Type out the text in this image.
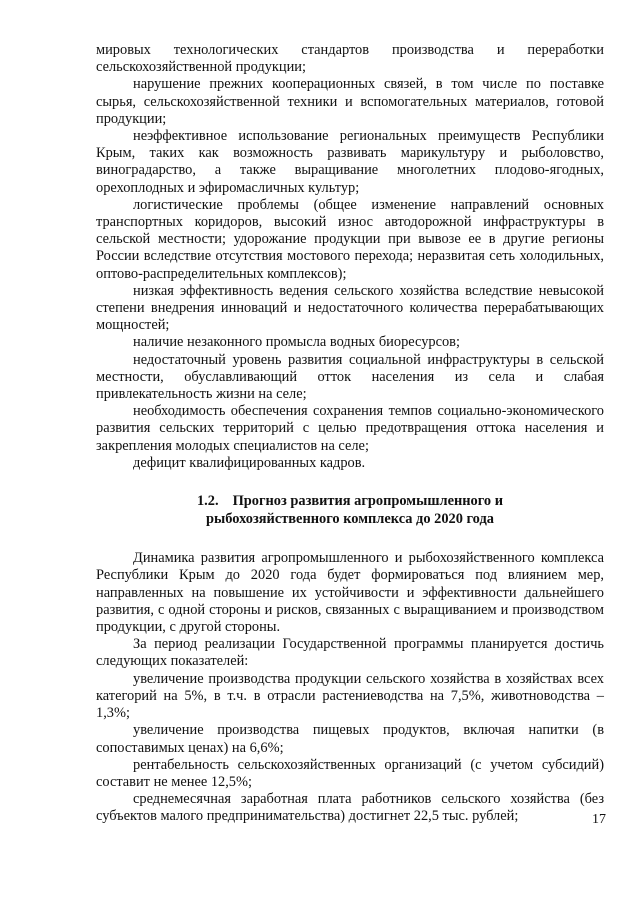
мировых технологических стандартов производства и переработки сельскохозяйственной продукции;

нарушение прежних кооперационных связей, в том числе по поставке сырья, сельскохозяйственной техники и вспомогательных материалов, готовой продукции;

неэффективное использование региональных преимуществ Республики Крым, таких как возможность развивать марикультуру и рыболовство, виноградарство, а также выращивание многолетних плодово-ягодных, орехоплодных и эфиромасличных культур;

логистические проблемы (общее изменение направлений основных транспортных коридоров, высокий износ автодорожной инфраструктуры в сельской местности; удорожание продукции при вывозе ее в другие регионы России вследствие отсутствия мостового перехода; неразвитая сеть холодильных, оптово-распределительных комплексов);

низкая эффективность ведения сельского хозяйства вследствие невысокой степени внедрения инноваций и недостаточного количества перерабатывающих мощностей;

наличие незаконного промысла водных биоресурсов;

недостаточный уровень развития социальной инфраструктуры в сельской местности, обуславливающий отток населения из села и слабая привлекательность жизни на селе;

необходимость обеспечения сохранения темпов социально-экономического развития сельских территорий с целью предотвращения оттока населения и закрепления молодых специалистов на селе;

дефицит квалифицированных кадров.

1.2. Прогноз развития агропромышленного и
рыбохозяйственного комплекса до 2020 года

Динамика развития агропромышленного и рыбохозяйственного комплекса Республики Крым до 2020 года будет формироваться под влиянием мер, направленных на повышение их устойчивости и эффективности дальнейшего развития, с одной стороны и рисков, связанных с выращиванием и производством продукции, с другой стороны.

За период реализации Государственной программы планируется достичь следующих показателей:

увеличение производства продукции сельского хозяйства в хозяйствах всех категорий на 5%, в т.ч. в отрасли растениеводства на 7,5%, животноводства – 1,3%;

увеличение производства пищевых продуктов, включая напитки (в сопоставимых ценах) на 6,6%;

рентабельность сельскохозяйственных организаций (с учетом субсидий) составит не менее 12,5%;

среднемесячная заработная плата работников сельского хозяйства (без субъектов малого предпринимательства) достигнет 22,5 тыс. рублей;	17
